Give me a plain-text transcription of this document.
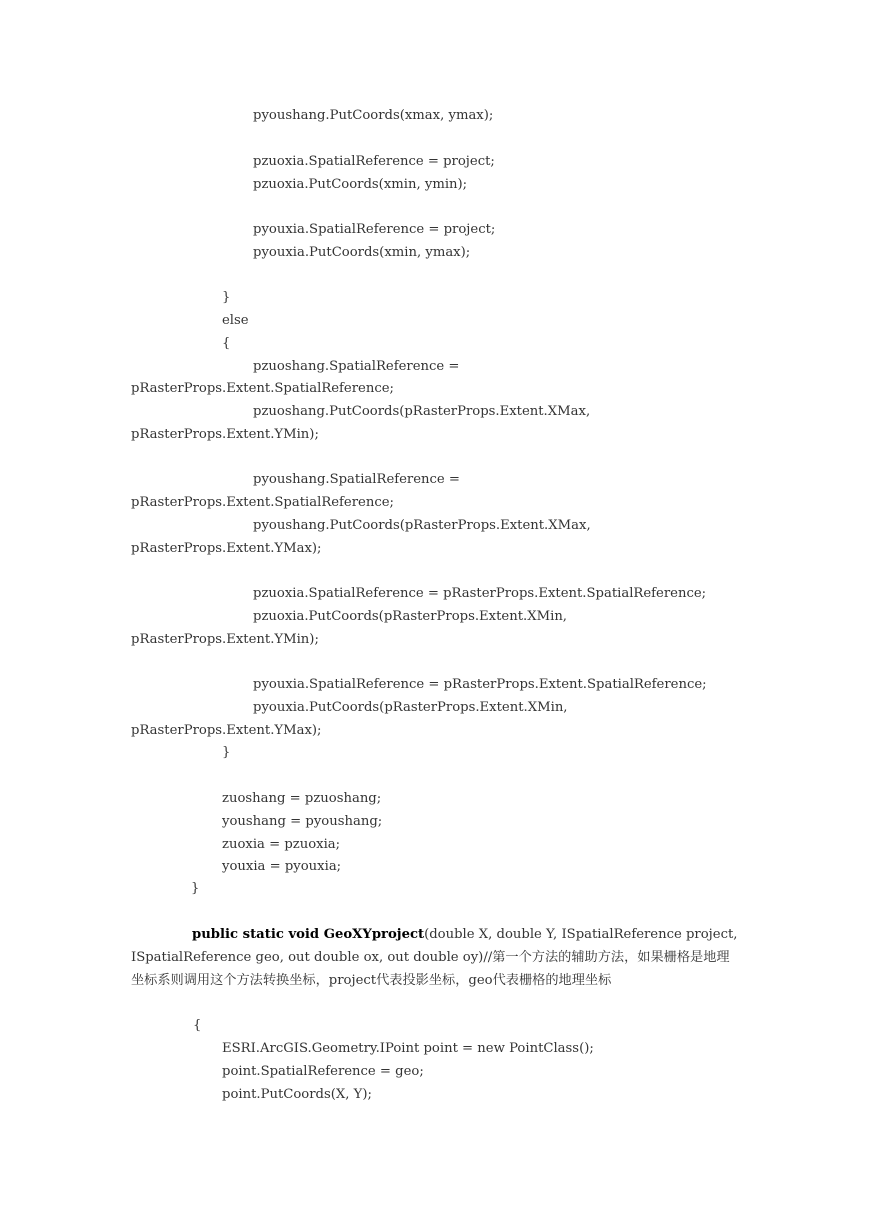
pyoushang.PutCoords(xmax, ymax);
pzuoxia.SpatialReference = project;
pzuoxia.PutCoords(xmin, ymin);
pyouxia.SpatialReference = project;
pyouxia.PutCoords(xmin, ymax);
}
else
{
pzuoshang.SpatialReference =
pRasterProps.Extent.SpatialReference;
pzuoshang.PutCoords(pRasterProps.Extent.XMax,
pRasterProps.Extent.YMin);
pyoushang.SpatialReference =
pRasterProps.Extent.SpatialReference;
pyoushang.PutCoords(pRasterProps.Extent.XMax,
pRasterProps.Extent.YMax);
pzuoxia.SpatialReference = pRasterProps.Extent.SpatialReference;
pzuoxia.PutCoords(pRasterProps.Extent.XMin,
pRasterProps.Extent.YMin);
pyouxia.SpatialReference = pRasterProps.Extent.SpatialReference;
pyouxia.PutCoords(pRasterProps.Extent.XMin,
pRasterProps.Extent.YMax);
}
zuoshang = pzuoshang;
youshang = pyoushang;
zuoxia = pzuoxia;
youxia = pyouxia;
}
public static void GeoXYproject(double X, double Y, ISpatialReference project, ISpatialReference geo, out double ox, out double oy)//第一个方法的辅助方法，如果栅格是地理坐标系则调用这个方法转换坐标，project代表投影坐标，geo代表栅格的地理坐标
{
ESRI.ArcGIS.Geometry.IPoint point = new PointClass();
point.SpatialReference = geo;
point.PutCoords(X, Y);
